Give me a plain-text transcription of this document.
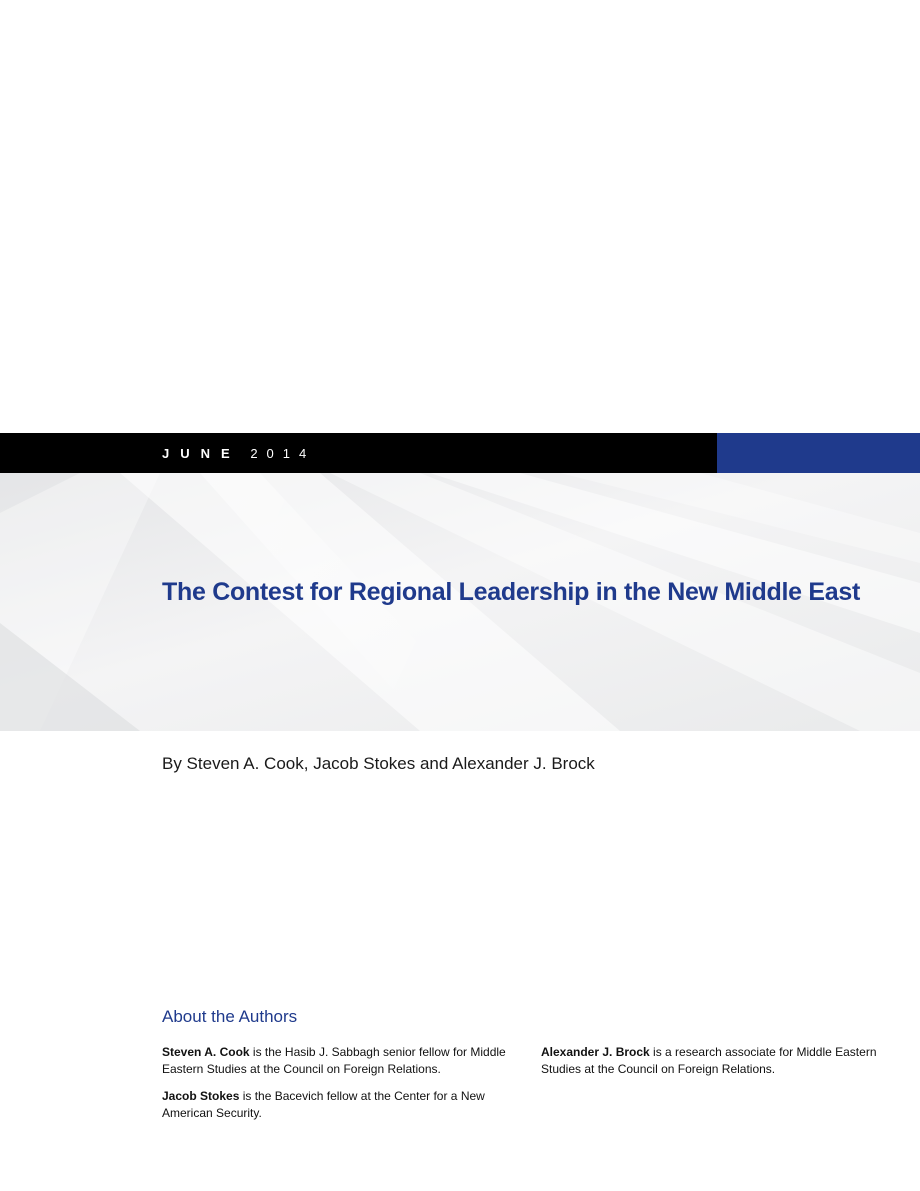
JUNE 2014
The Contest for Regional Leadership in the New Middle East
By Steven A. Cook, Jacob Stokes and Alexander J. Brock
About the Authors
Steven A. Cook is the Hasib J. Sabbagh senior fellow for Middle Eastern Studies at the Council on Foreign Relations.
Jacob Stokes is the Bacevich fellow at the Center for a New American Security.
Alexander J. Brock is a research associate for Middle Eastern Studies at the Council on Foreign Relations.
